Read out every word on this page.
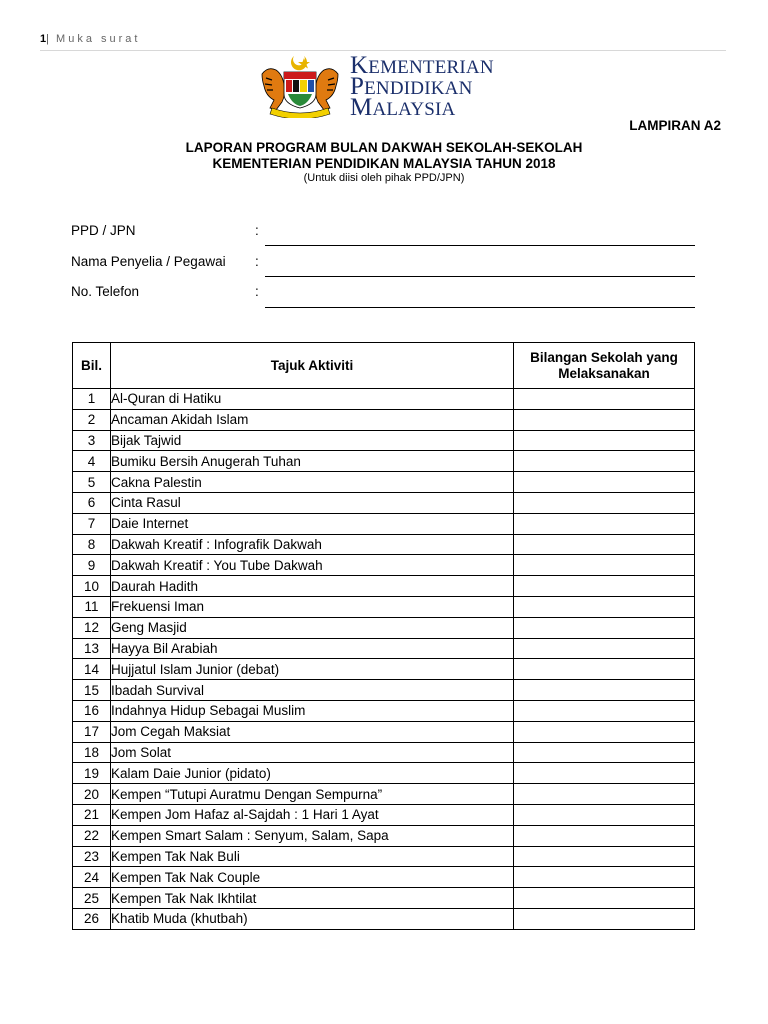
1| Muka surat
KEMENTERIAN
PENDIDIKAN
MALAYSIA
LAMPIRAN A2
LAPORAN PROGRAM BULAN DAKWAH SEKOLAH-SEKOLAH
KEMENTERIAN PENDIDIKAN MALAYSIA TAHUN 2018
(Untuk diisi oleh pihak PPD/JPN)
PPD / JPN	:
Nama Penyelia / Pegawai :
No. Telefon	:
Bil.	Tajuk Aktiviti	Bilangan Sekolah yang
Melaksanakan
1	Al-Quran di Hatiku	
2	Ancaman Akidah Islam	
3	Bijak Tajwid	
4	Bumiku Bersih Anugerah Tuhan	
5	Cakna Palestin	
6	Cinta Rasul	
7	Daie Internet	
8	Dakwah Kreatif : Infografik Dakwah	
9	Dakwah Kreatif : You Tube Dakwah	
10	Daurah Hadith	
11	Frekuensi Iman	
12	Geng Masjid	
13	Hayya Bil Arabiah	
14	Hujjatul Islam Junior (debat)	
15	Ibadah Survival	
16	Indahnya Hidup Sebagai Muslim	
17	Jom Cegah Maksiat	
18	Jom Solat	
19	Kalam Daie Junior (pidato)	
20	Kempen “Tutupi Auratmu Dengan Sempurna”	
21	Kempen Jom Hafaz al-Sajdah : 1 Hari 1 Ayat	
22	Kempen Smart Salam : Senyum, Salam, Sapa	
23	Kempen Tak Nak Buli	
24	Kempen Tak Nak Couple	
25	Kempen Tak Nak Ikhtilat	
26	Khatib Muda (khutbah)	
